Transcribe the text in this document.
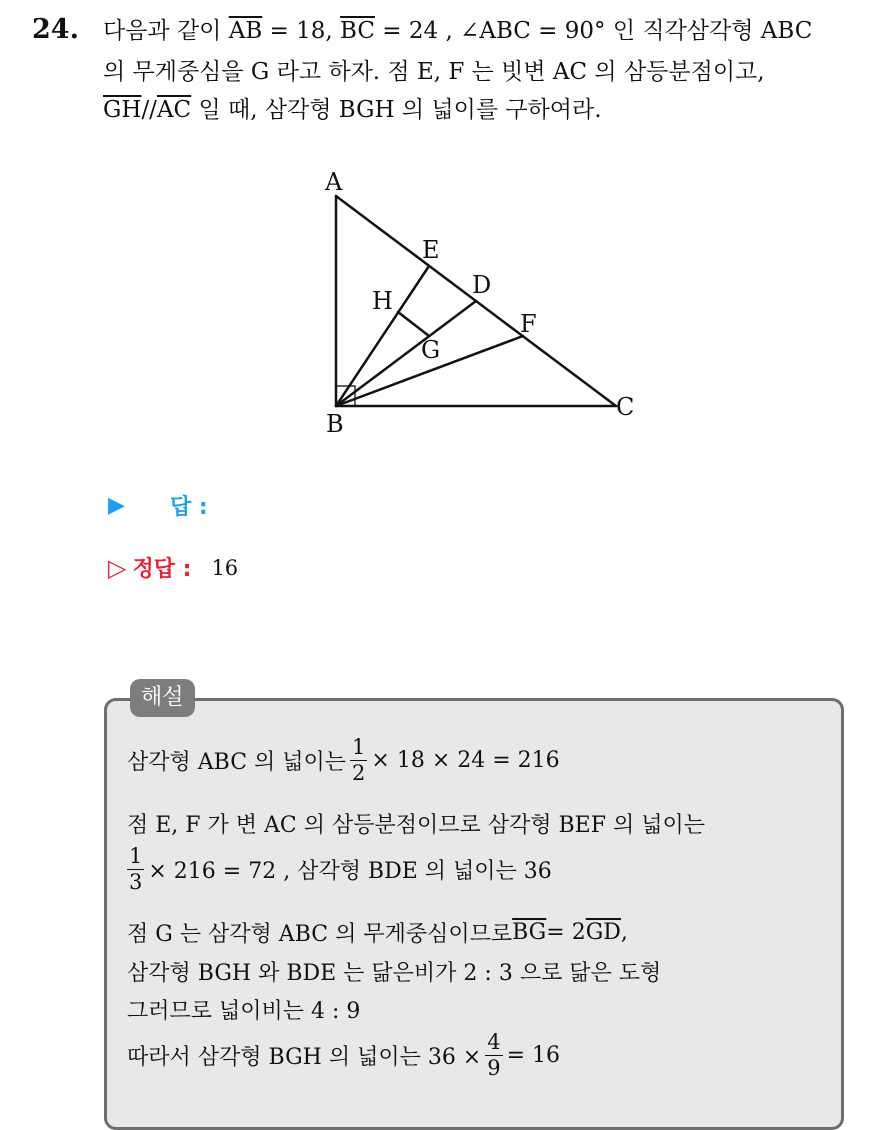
24. 다음과 같이 $\overline{AB} = 18$, $\overline{BC} = 24$ , ∠ABC = 90° 인 직각삼각형 ABC
의 무게중심을 G 라고 하자. 점 E, F 는 빗변 AC 의 삼등분점이고,
$\overline{GH}//\overline{AC}$ 일 때, 삼각형 BGH 의 넓이를 구하여라.
A
B
C
D
E
F
G
H
▶	답 :
▷ 정답 : 16
해설
삼각형 ABC 의 넓이는 $\frac{1}{2} \times 18 \times 24 = 216$
점 E, F 가 변 AC 의 삼등분점이므로 삼각형 BEF 의 넓이는
$\frac{1}{3} \times 216 = 72$ , 삼각형 BDE 의 넓이는 36
점 G 는 삼각형 ABC 의 무게중심이므로 $\overline{BG} = 2$ $\overline{GD}$ ,
삼각형 BGH 와 BDE 는 닮은비가 2 : 3 으로 닮은 도형
그러므로 넓이비는 4 : 9
따라서 삼각형 BGH 의 넓이는 $36 \times \frac{4}{9} = 16$
